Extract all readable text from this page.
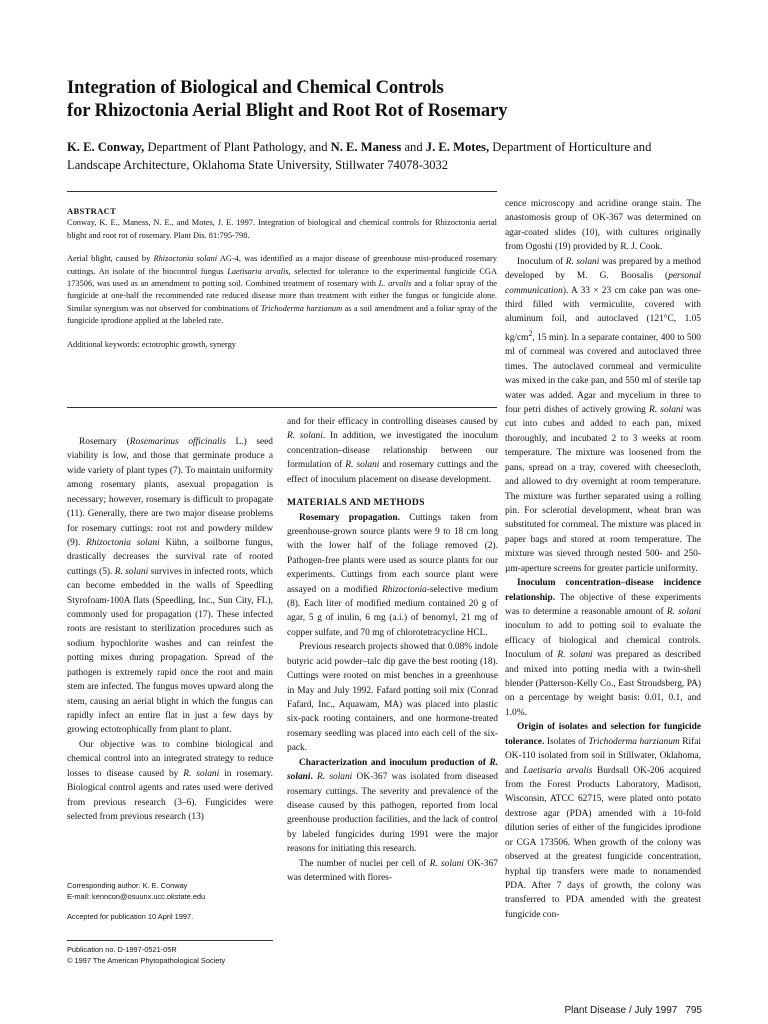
Integration of Biological and Chemical Controls
for Rhizoctonia Aerial Blight and Root Rot of Rosemary
K. E. Conway, Department of Plant Pathology, and N. E. Maness and J. E. Motes, Department of Horticulture and Landscape Architecture, Oklahoma State University, Stillwater 74078-3032

ABSTRACT

Conway, K. E., Maness, N. E., and Motes, J. E. 1997. Integration of biological and chemical controls for Rhizoctonia aerial blight and root rot of rosemary. Plant Dis. 81:795-798.

Aerial blight, caused by Rhizoctonia solani AG-4, was identified as a major disease of greenhouse mist-produced rosemary cuttings. An isolate of the biocontrol fungus Laetisaria arvalis, selected for tolerance to the experimental fungicide CGA 173506, was used as an amendment to potting soil. Combined treatment of rosemary with L. arvalis and a foliar spray of the fungicide at one-half the recommended rate reduced disease more than treatment with either the fungus or fungicide alone. Similar synergism was not observed for combinations of Trichoderma harzianum as a soil amendment and a foliar spray of the fungicide iprodione applied at the labeled rate.

Additional keywords: ectotrophic growth, synergy

Rosemary (Rosemarinus officinalis L.) seed viability is low, and those that germinate produce a wide variety of plant types (7). To maintain uniformity among rosemary plants, asexual propagation is necessary; however, rosemary is difficult to propagate (11). Generally, there are two major disease problems for rosemary cuttings: root rot and powdery mildew (9). Rhizoctonia solani Kühn, a soilborne fungus, drastically decreases the survival rate of rooted cuttings (5). R. solani survives in infected roots, which can become embedded in the walls of Speedling Styrofoam-100A flats (Speedling, Inc., Sun City, FL), commonly used for propagation (17). These infected roots are resistant to sterilization procedures such as sodium hypochlorite washes and can reinfest the potting mixes during propagation. Spread of the pathogen is extremely rapid once the root and main stem are infected. The fungus moves upward along the stem, causing an aerial blight in which the fungus can rapidly infect an entire flat in just a few days by growing ectotrophically from plant to plant.

Our objective was to combine biological and chemical control into an integrated strategy to reduce losses to disease caused by R. solani in rosemary. Biological control agents and rates used were derived from previous research (3–6). Fungicides were selected from previous research (13)

Corresponding author: K. E. Conway

E-mail: kenncon@osuunx.ucc.okstate.edu

Accepted for publication 10 April 1997.

Publication no. D-1997-0521-05R

© 1997 The American Phytopathological Society

and for their efficacy in controlling diseases caused by R. solani. In addition, we investigated the inoculum concentration–disease relationship between our formulation of R. solani and rosemary cuttings and the effect of inoculum placement on disease development.

MATERIALS AND METHODS

Rosemary propagation. Cuttings taken from greenhouse-grown source plants were 9 to 18 cm long with the lower half of the foliage removed (2). Pathogen-free plants were used as source plants for our experiments. Cuttings from each source plant were assayed on a modified Rhizoctonia-selective medium (8). Each liter of modified medium contained 20 g of agar, 5 g of inulin, 6 mg (a.i.) of benomyl, 21 mg of copper sulfate, and 70 mg of chlorotetracycline HCL.

Previous research projects showed that 0.08% indole butyric acid powder–talc dip gave the best rooting (18). Cuttings were rooted on mist benches in a greenhouse in May and July 1992. Fafard potting soil mix (Conrad Fafard, Inc., Aquawam, MA) was placed into plastic six-pack rooting containers, and one hormone-treated rosemary seedling was placed into each cell of the six-pack.

Characterization and inoculum production of R. solani. R. solani OK-367 was isolated from diseased rosemary cuttings. The severity and prevalence of the disease caused by this pathogen, reported from local greenhouse production facilities, and the lack of control by labeled fungicides during 1991 were the major reasons for initiating this research.

The number of nuclei per cell of R. solani OK-367 was determined with flores-

cence microscopy and acridine orange stain. The anastomosis group of OK-367 was determined on agar-coated slides (10), with cultures originally from Ogoshi (19) provided by R. J. Cook.

Inoculum of R. solani was prepared by a method developed by M. G. Boosalis (personal communication). A 33 × 23 cm cake pan was one-third filled with vermiculite, covered with aluminum foil, and autoclaved (121°C, 1.05 $kg/cm^2$, 15 min). In a separate container, 400 to 500 ml of cornmeal was covered and autoclaved three times. The autoclaved cornmeal and vermiculite was mixed in the cake pan, and 550 ml of sterile tap water was added. Agar and mycelium in three to four petri dishes of actively growing R. solani was cut into cubes and added to each pan, mixed thoroughly, and incubated 2 to 3 weeks at room temperature. The mixture was loosened from the pans, spread on a tray, covered with cheesecloth, and allowed to dry overnight at room temperature. The mixture was further separated using a rolling pin. For sclerotial development, wheat bran was substituted for cornmeal. The mixture was placed in paper bags and stored at room temperature. The mixture was sieved through nested 500- and 250-µm-aperture screens for greater particle uniformity.

Inoculum concentration–disease incidence relationship. The objective of these experiments was to determine a reasonable amount of R. solani inoculum to add to potting soil to evaluate the efficacy of biological and chemical controls. Inoculum of R. solani was prepared as described and mixed into potting media with a twin-shell blender (Patterson-Kelly Co., East Stroudsberg, PA) on a percentage by weight basis: 0.01, 0.1, and 1.0%.

Origin of isolates and selection for fungicide tolerance. Isolates of Trichoderma harzianum Rifai OK-110 isolated from soil in Stillwater, Oklahoma, and Laetisaria arvalis Burdsall OK-206 acquired from the Forest Products Laboratory, Madison, Wisconsin, ATCC 62715, were plated onto potato dextrose agar (PDA) amended with a 10-fold dilution series of either of the fungicides iprodione or CGA 173506. When growth of the colony was observed at the greatest fungicide concentration, hyphal tip transfers were made to nonamended PDA. After 7 days of growth, the colony was transferred to PDA amended with the greatest fungicide con-

Plant Disease / July 1997 795
